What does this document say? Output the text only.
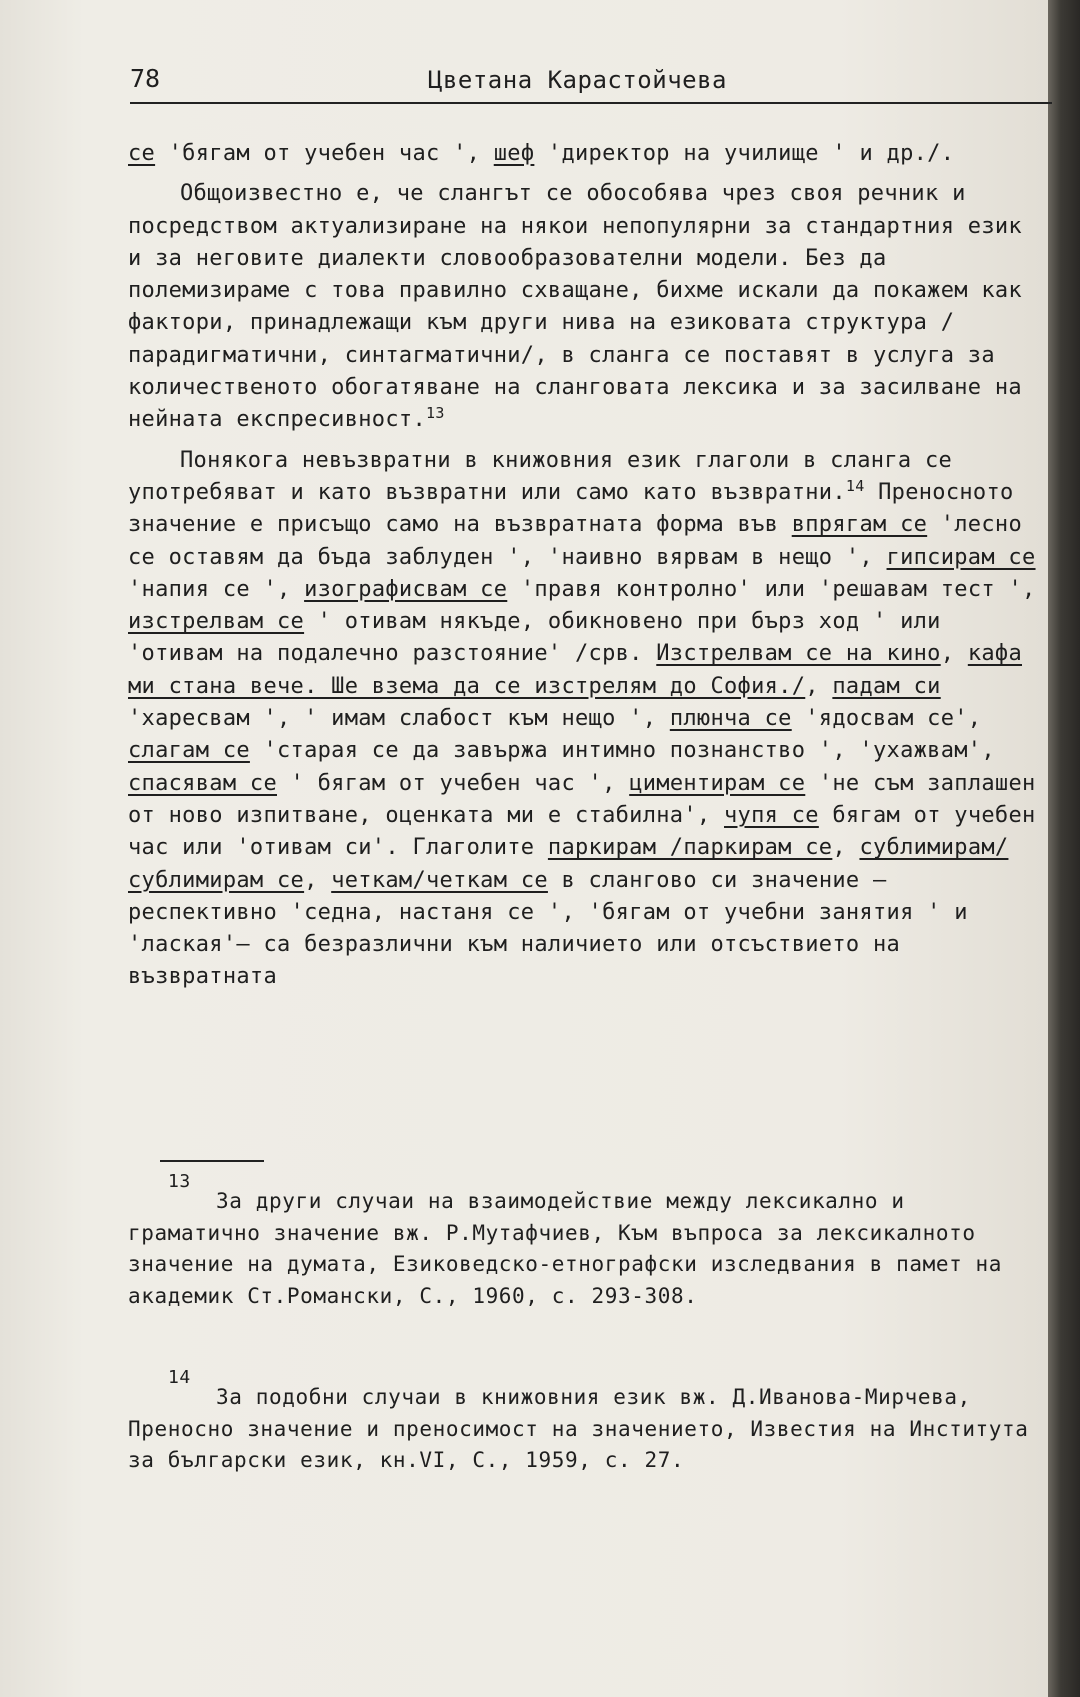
78	Цветана Карастойчева

се 'бягам от учебен час ', шеф 'директор на училище ' и др./.

Общоизвестно е, че слангът се обособява чрез своя речник и посредством актуализиране на някои непопулярни за стандартния език и за неговите диалекти словообразователни модели. Без да полемизираме с това правилно схващане, бихме искали да покажем как фактори, принадлежащи към други нива на езиковата структура /парадигматични, синтагматични/, в сланга се поставят в услуга за количественото обогатяване на сланговата лексика и за засилване на нейната експресивност.$^{13}$

Понякога невъзвратни в книжовния език глаголи в сланга се употребяват и като възвратни или само като възвратни.$^{14}$ Преносното значение е присъщо само на възвратната форма във впрягам се 'лесно се оставям да бъда заблуден ', 'наивно вярвам в нещо ', гипсирам се 'напия се ', изографисвам се 'правя контролно' или 'решавам тест ', изстрелвам се ' отивам някъде, обикновено при бърз ход ' или 'отивам на подалечно разстояние' /срв. Изстрелвам се на кино, кафа ми стана вече. Ше взема да се изстрелям до София./, падам си 'харесвам ', ' имам слабост към нещо ', плюнча се 'ядосвам се', слагам се 'старая се да завържа интимно познанство ', 'ухажвам', спасявам се ' бягам от учебен час ', циментирам се 'не съм заплашен от ново изпитване, оценката ми е стабилна', чупя се бягам от учебен час или 'отивам си'. Глаголите паркирам /паркирам се, сублимирам/ сублимирам се, четкам/четкам се в слангово си значение – респективно 'седна, настаня се ', 'бягам от учебни занятия ' и 'лаская'– са безразлични към наличието или отсъствието на възвратната

13

За други случаи на взаимодействие между лексикално и граматично значение вж. Р.Мутафчиев, Към въпроса за лексикалното значение на думата, Езиковедско-етнографски изследвания в памет на академик Ст.Романски, С., 1960, с. 293-308.

14

За подобни случаи в книжовния език вж. Д.Иванова-Мирчева, Преносно значение и преносимост на значението, Известия на Института за български език, кн.VI, С., 1959, с. 27.
